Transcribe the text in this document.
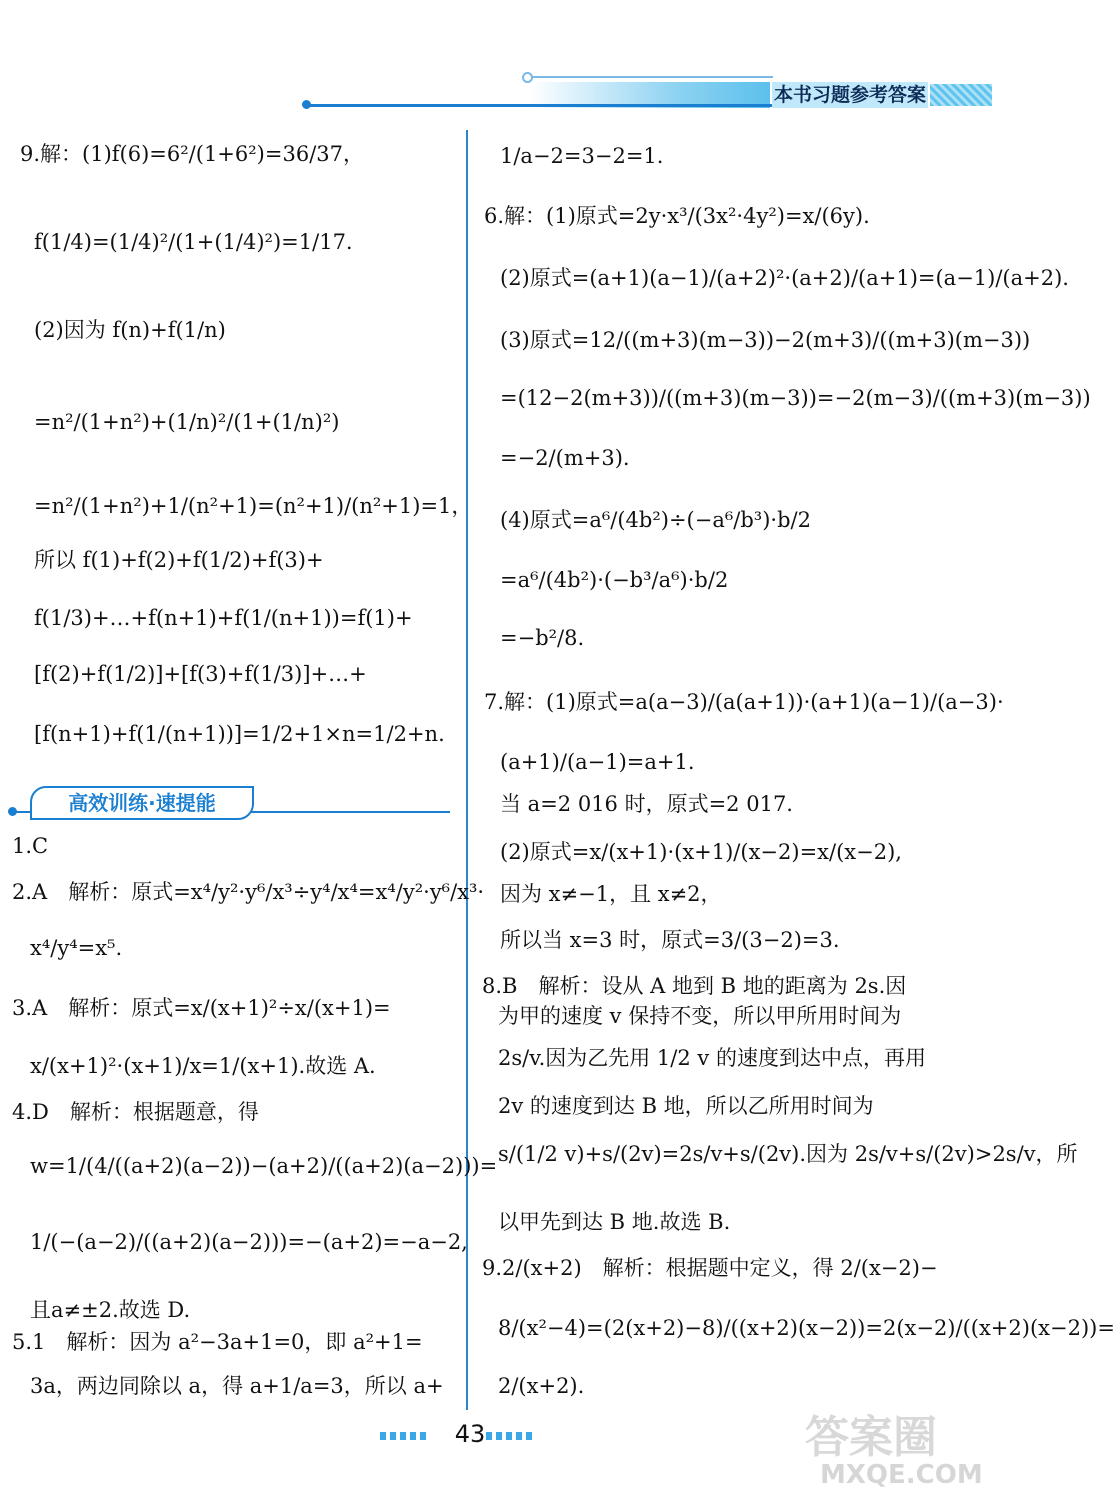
本书习题参考答案
9.解：(1)f(6)=6²/(1+6²)=36/37，
f(1/4)=(1/4)²/(1+(1/4)²)=1/17.
(2)因为 f(n)+f(1/n)
=n²/(1+n²)+(1/n)²/(1+(1/n)²)
=n²/(1+n²)+1/(n²+1)=(n²+1)/(n²+1)=1，
所以 f(1)+f(2)+f(1/2)+f(3)+
f(1/3)+…+f(n+1)+f(1/(n+1))=f(1)+
[f(2)+f(1/2)]+[f(3)+f(1/3)]+…+
[f(n+1)+f(1/(n+1))]=1/2+1×n=1/2+n.
高效训练·速提能
1.C
2.A　解析：原式=x⁴/y²·y⁶/x³÷y⁴/x⁴=x⁴/y²·y⁶/x³·
x⁴/y⁴=x⁵.
3.A　解析：原式=x/(x+1)²÷x/(x+1)=
x/(x+1)²·(x+1)/x=1/(x+1).故选 A.
4.D　解析：根据题意，得
w=1/(4/((a+2)(a−2))−(a+2)/((a+2)(a−2)))=
1/(−(a−2)/((a+2)(a−2)))=−(a+2)=−a−2,
且a≠±2.故选 D.
5.1　解析：因为 a²−3a+1=0，即 a²+1=
3a，两边同除以 a，得 a+1/a=3，所以 a+
1/a−2=3−2=1.
6.解：(1)原式=2y·x³/(3x²·4y²)=x/(6y).
(2)原式=(a+1)(a−1)/(a+2)²·(a+2)/(a+1)=(a−1)/(a+2).
(3)原式=12/((m+3)(m−3))−2(m+3)/((m+3)(m−3))
=(12−2(m+3))/((m+3)(m−3))=−2(m−3)/((m+3)(m−3))
=−2/(m+3).
(4)原式=a⁶/(4b²)÷(−a⁶/b³)·b/2
=a⁶/(4b²)·(−b³/a⁶)·b/2
=−b²/8.
7.解：(1)原式=a(a−3)/(a(a+1))·(a+1)(a−1)/(a−3)·
(a+1)/(a−1)=a+1.
当 a=2 016 时，原式=2 017.
(2)原式=x/(x+1)·(x+1)/(x−2)=x/(x−2),
因为 x≠−1，且 x≠2，
所以当 x=3 时，原式=3/(3−2)=3.
8.B　解析：设从 A 地到 B 地的距离为 2s.因
为甲的速度 v 保持不变，所以甲所用时间为
2s/v.因为乙先用 1/2 v 的速度到达中点，再用
2v 的速度到达 B 地，所以乙所用时间为
s/(1/2 v)+s/(2v)=2s/v+s/(2v).因为 2s/v+s/(2v)>2s/v，所
以甲先到达 B 地.故选 B.
9.2/(x+2)　解析：根据题中定义，得 2/(x−2)−
8/(x²−4)=(2(x+2)−8)/((x+2)(x−2))=2(x−2)/((x+2)(x−2))=
2/(x+2).
43	答案圈
MXQE.COM
